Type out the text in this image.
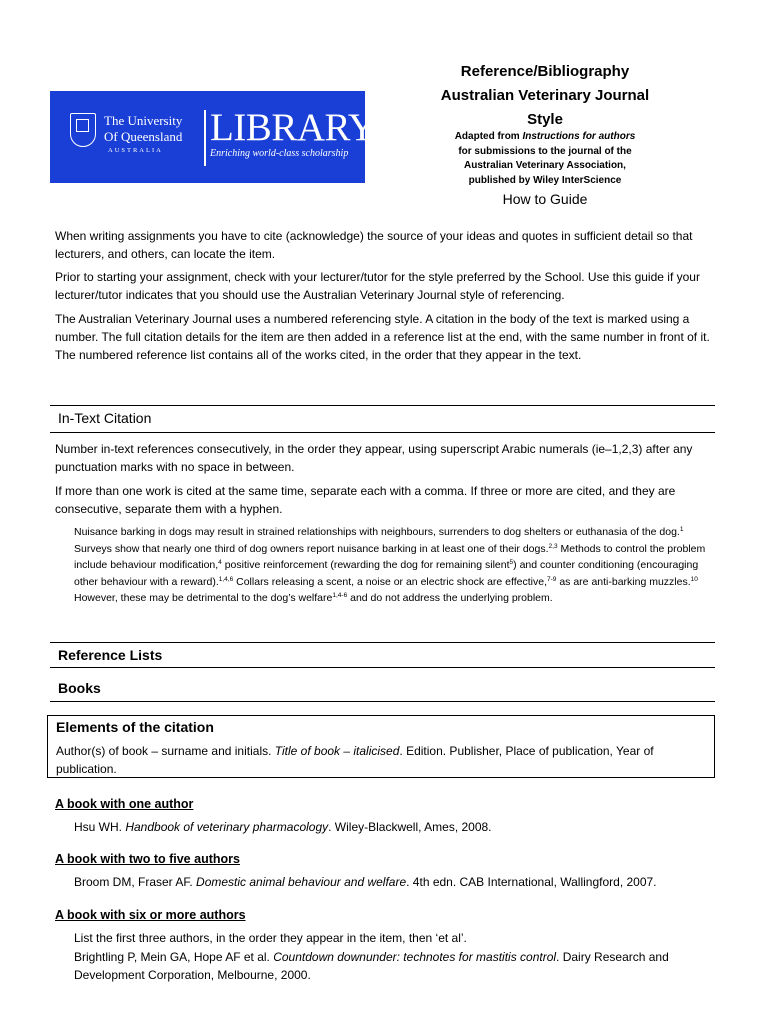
The University
Of Queensland
AUSTRALIA
LIBRARY
Enriching world-class scholarship
Reference/Bibliography
Australian Veterinary Journal
Style
Adapted from Instructions for authors
for submissions to the journal of the
Australian Veterinary Association,
published by Wiley InterScience
How to Guide
When writing assignments you have to cite (acknowledge) the source of your ideas and quotes in sufficient detail so that lecturers, and others, can locate the item.
Prior to starting your assignment, check with your lecturer/tutor for the style preferred by the School. Use this guide if your lecturer/tutor indicates that you should use the Australian Veterinary Journal style of referencing.
The Australian Veterinary Journal uses a numbered referencing style. A citation in the body of the text is marked using a number. The full citation details for the item are then added in a reference list at the end, with the same number in front of it. The numbered reference list contains all of the works cited, in the order that they appear in the text.
In-Text Citation
Number in-text references consecutively, in the order they appear, using superscript Arabic numerals (ie–1,2,3) after any punctuation marks with no space in between.
If more than one work is cited at the same time, separate each with a comma. If three or more are cited, and they are consecutive, separate them with a hyphen.
Nuisance barking in dogs may result in strained relationships with neighbours, surrenders to dog shelters or euthanasia of the dog.$^1$ Surveys show that nearly one third of dog owners report nuisance barking in at least one of their dogs.$^{2,3}$ Methods to control the problem include behaviour modification,$^4$ positive reinforcement (rewarding the dog for remaining silent$^5$) and counter conditioning (encouraging other behaviour with a reward).$^{1,4,6}$ Collars releasing a scent, a noise or an electric shock are effective,$^{7-9}$ as are anti-barking muzzles.$^{10}$ However, these may be detrimental to the dog’s welfare$^{1,4-6}$ and do not address the underlying problem.
Reference Lists
Books
Elements of the citation
Author(s) of book – surname and initials. Title of book – italicised. Edition. Publisher, Place of publication, Year of publication.
A book with one author
Hsu WH. Handbook of veterinary pharmacology. Wiley-Blackwell, Ames, 2008.
A book with two to five authors
Broom DM, Fraser AF. Domestic animal behaviour and welfare. 4th edn. CAB International, Wallingford, 2007.
A book with six or more authors
List the first three authors, in the order they appear in the item, then ‘et al’.
Brightling P, Mein GA, Hope AF et al. Countdown downunder: technotes for mastitis control. Dairy Research and Development Corporation, Melbourne, 2000.
